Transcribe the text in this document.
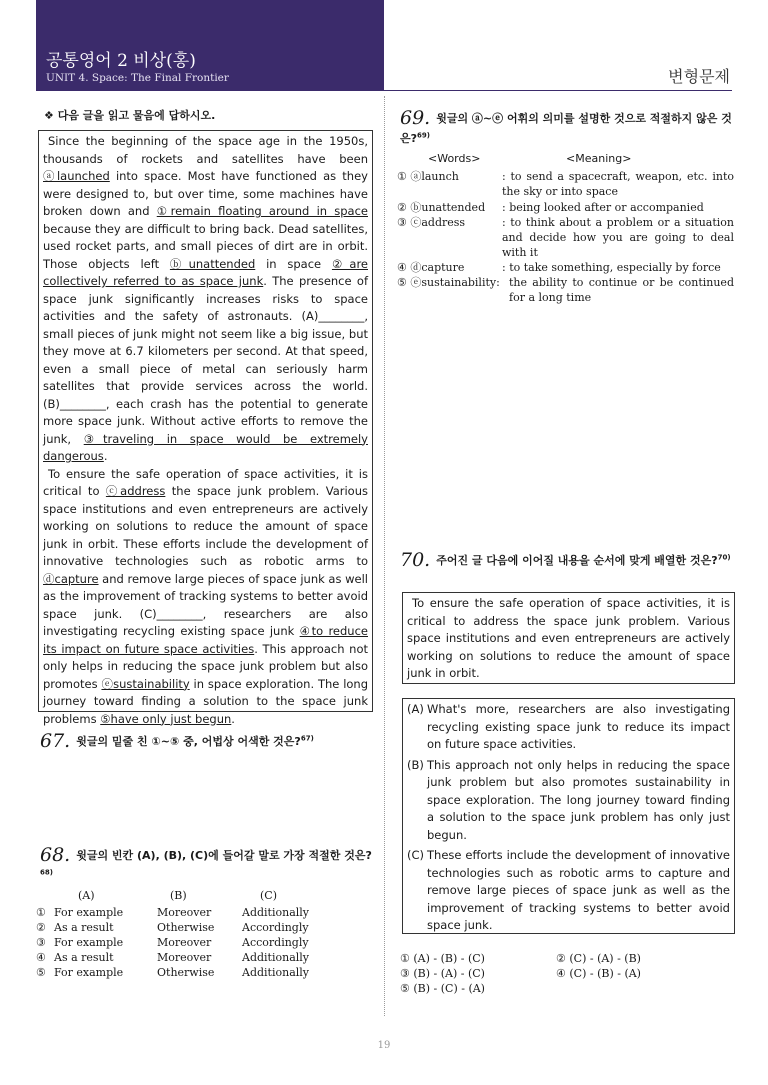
공통영어 2 비상(홍)
UNIT 4. Space: The Final Frontier	변형문제
❖ 다음 글을 읽고 물음에 답하시오.

Since the beginning of the space age in the 1950s, thousands of rockets and satellites have been ⓐlaunched into space. Most have functioned as they were designed to, but over time, some machines have broken down and ①remain floating around in space because they are difficult to bring back. Dead satellites, used rocket parts, and small pieces of dirt are in orbit. Those objects left ⓑunattended in space ②are collectively referred to as space junk. The presence of space junk significantly increases risks to space activities and the safety of astronauts. (A)________, small pieces of junk might not seem like a big issue, but they move at 6.7 kilometers per second. At that speed, even a small piece of metal can seriously harm satellites that provide services across the world. (B)________, each crash has the potential to generate more space junk. Without active efforts to remove the junk, ③traveling in space would be extremely dangerous.

To ensure the safe operation of space activities, it is critical to ⓒaddress the space junk problem. Various space institutions and even entrepreneurs are actively working on solutions to reduce the amount of space junk in orbit. These efforts include the development of innovative technologies such as robotic arms to ⓓcapture and remove large pieces of space junk as well as the improvement of tracking systems to better avoid space junk. (C)________, researchers are also investigating recycling existing space junk ④to reduce its impact on future space activities. This approach not only helps in reducing the space junk problem but also promotes ⓔsustainability in space exploration. The long journey toward finding a solution to the space junk problems ⑤have only just begun.

67. 윗글의 밑줄 친 ①~⑤ 중, 어법상 어색한 것은?$^{67)}$
68. 윗글의 빈칸 (A), (B), (C)에 들어갈 말로 가장 적절한 것은?$^{68)}$
(A)	(B)	(C)
① For example	Moreover	Additionally
② As a result	Otherwise	Accordingly
③ For example	Moreover	Accordingly
④ As a result	Moreover	Additionally
⑤ For example	Otherwise	Additionally
69. 윗글의 ⓐ~ⓔ 어휘의 의미를 설명한 것으로 적절하지 않은 것은?$^{69)}$
<Words>	<Meaning>
① ⓐlaunch	: to send a spacecraft, weapon, etc. into the sky or into space
② ⓑunattended : being looked after or accompanied
③ ⓒaddress	: to think about a problem or a situation and decide how you are going to deal with it
④ ⓓcapture	: to take something, especially by force
⑤ ⓔsustainability: the ability to continue or be continued for a long time
70. 주어진 글 다음에 이어질 내용을 순서에 맞게 배열한 것은?$^{70)}$

To ensure the safe operation of space activities, it is critical to address the space junk problem. Various space institutions and even entrepreneurs are actively working on solutions to reduce the amount of space junk in orbit.

(A) What's more, researchers are also investigating recycling existing space junk to reduce its impact on future space activities.
(B) This approach not only helps in reducing the space junk problem but also promotes sustainability in space exploration. The long journey toward finding a solution to the space junk problem has only just begun.
(C) These efforts include the development of innovative technologies such as robotic arms to capture and remove large pieces of space junk as well as the improvement of tracking systems to better avoid space junk.
① (A) - (B) - (C)	② (C) - (A) - (B)
③ (B) - (A) - (C)	④ (C) - (B) - (A)
⑤ (B) - (C) - (A)
19
